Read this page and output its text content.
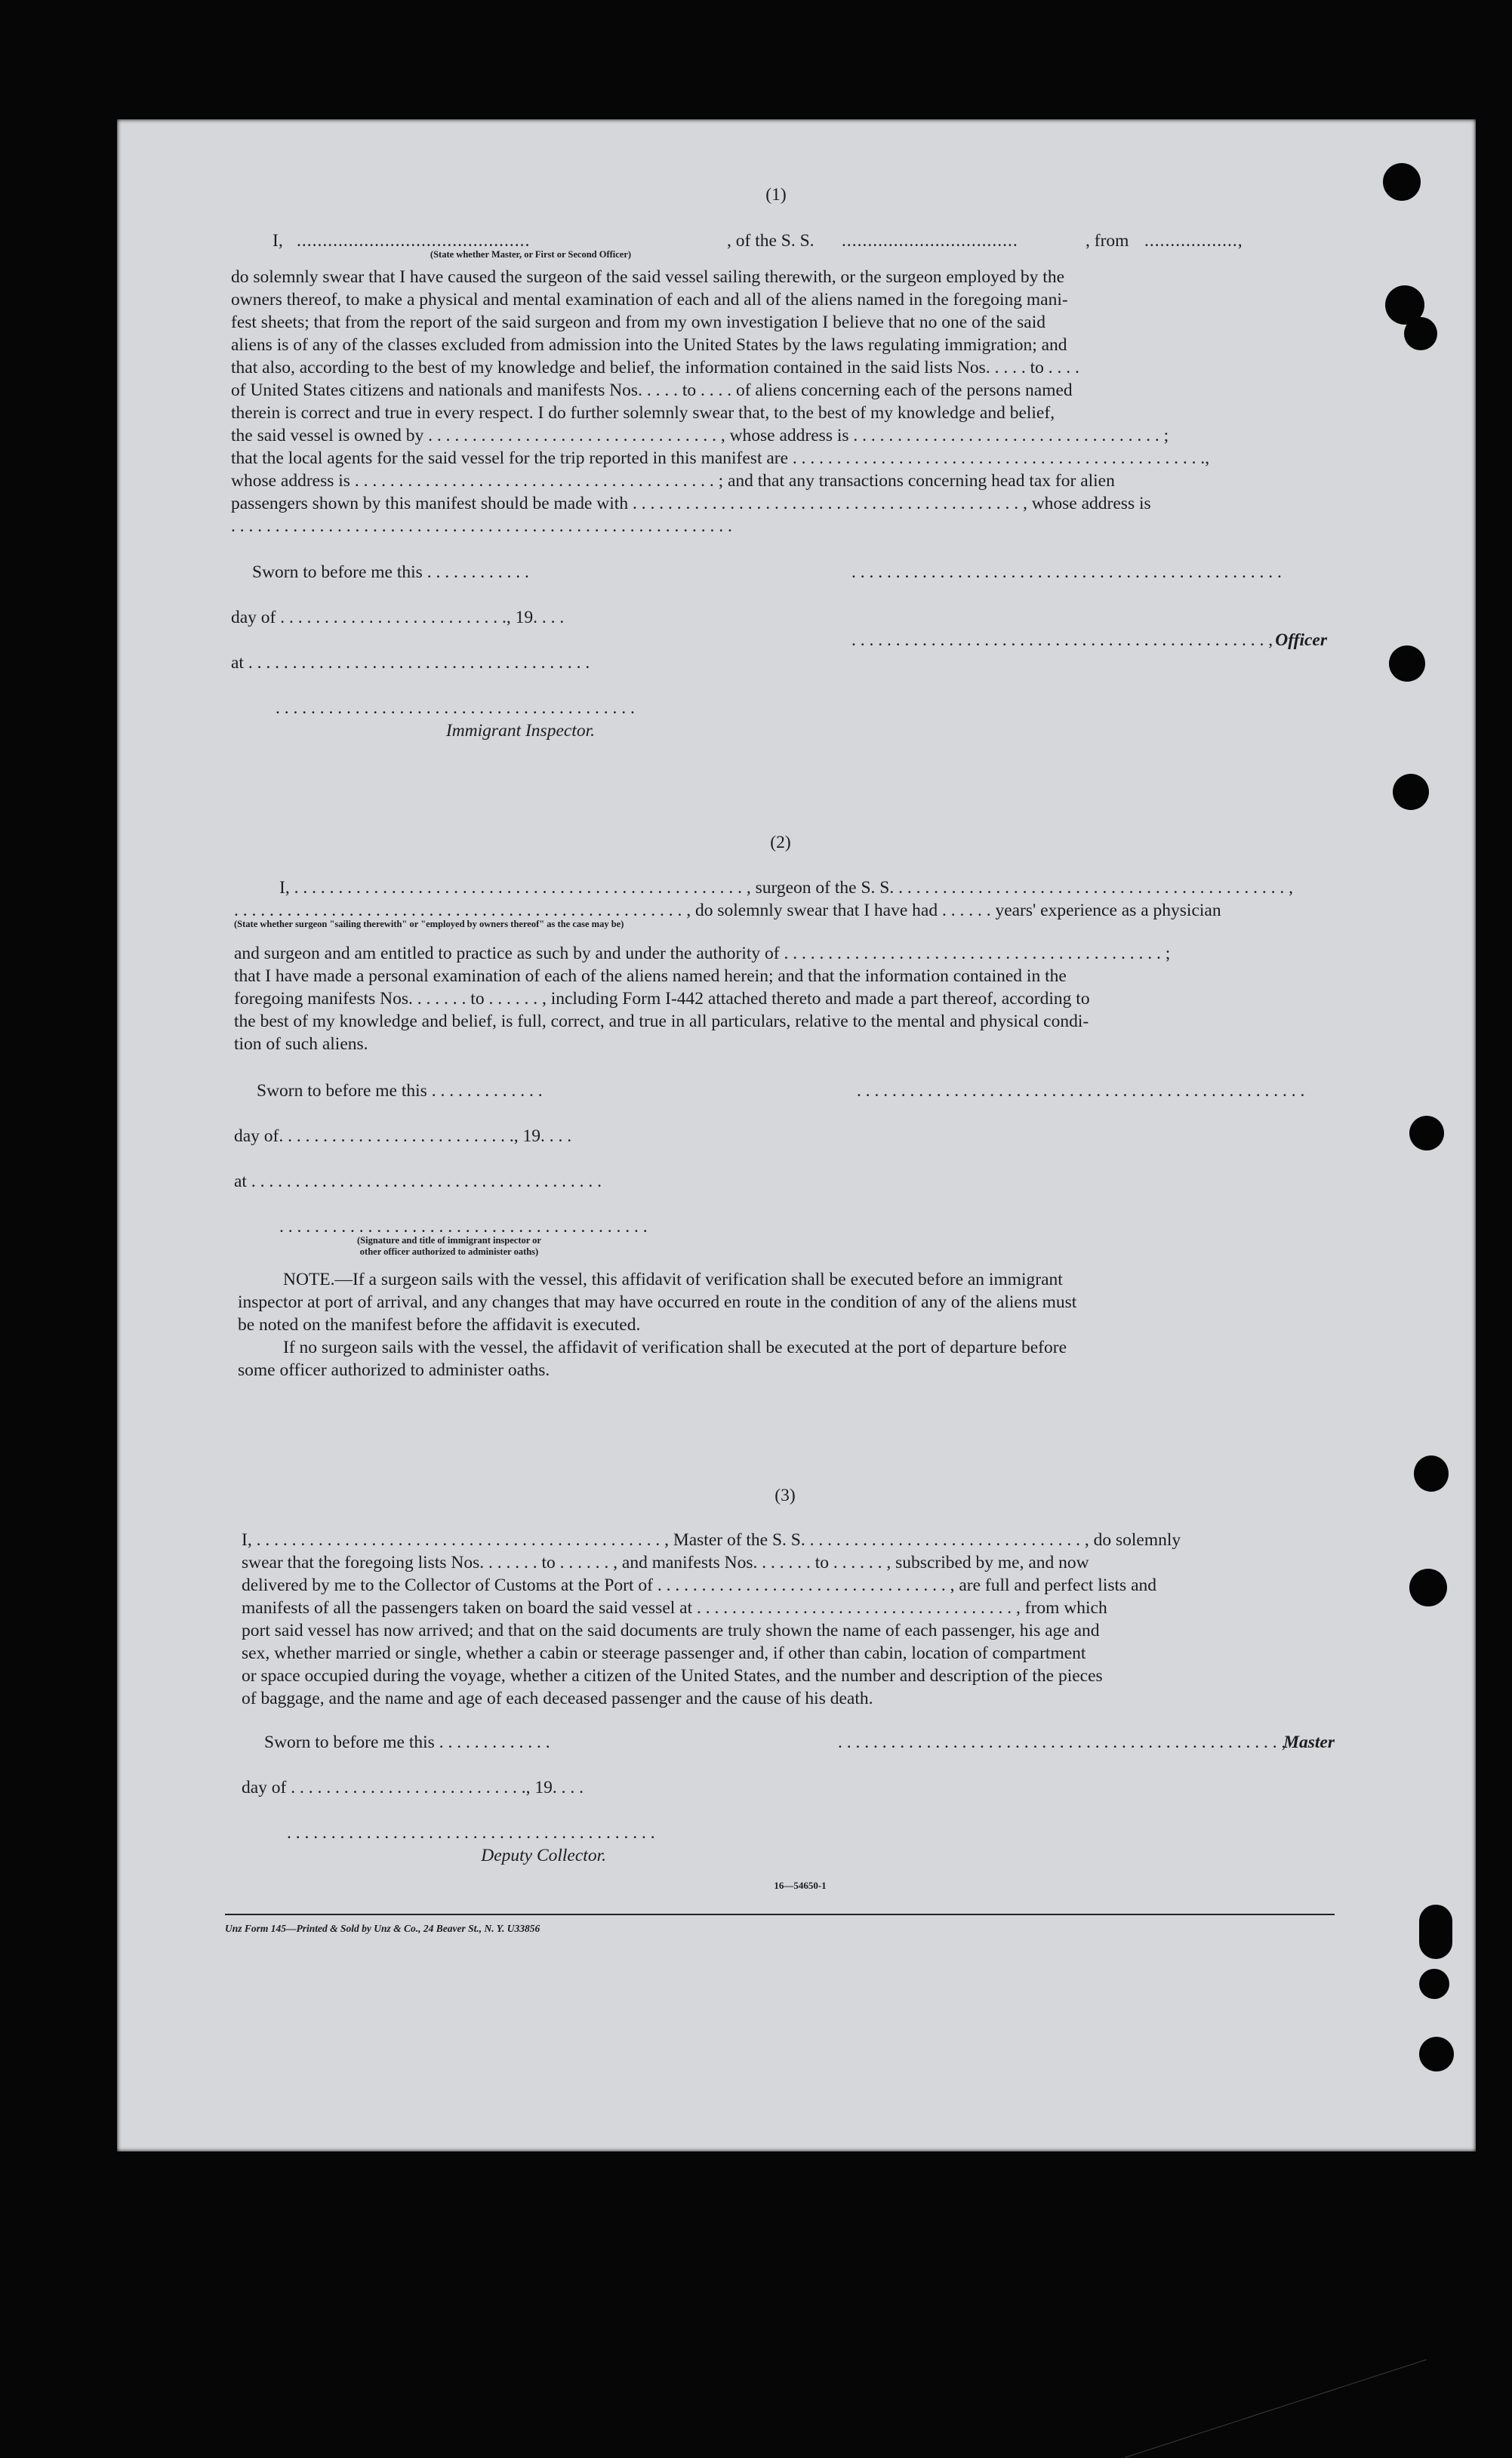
(1)
I, .............................................	, of the S. S. ..................................	, from ..................,
(State whether Master, or First or Second Officer)
do solemnly swear that I have caused the surgeon of the said vessel sailing therewith, or the surgeon employed by the
owners thereof, to make a physical and mental examination of each and all of the aliens named in the foregoing mani-
fest sheets; that from the report of the said surgeon and from my own investigation I believe that no one of the said
aliens is of any of the classes excluded from admission into the United States by the laws regulating immigration; and
that also, according to the best of my knowledge and belief, the information contained in the said lists Nos. . . . . to . . . .
of United States citizens and nationals and manifests Nos. . . . . to . . . . of aliens concerning each of the persons named
therein is correct and true in every respect. I do further solemnly swear that, to the best of my knowledge and belief,
the said vessel is owned by . . . . . . . . . . . . . . . . . . . . . . . . . . . . . . . . . , whose address is . . . . . . . . . . . . . . . . . . . . . . . . . . . . . . . . . . . ;
that the local agents for the said vessel for the trip reported in this manifest are . . . . . . . . . . . . . . . . . . . . . . . . . . . . . . . . . . . . . . . . . . . . . . .,
whose address is . . . . . . . . . . . . . . . . . . . . . . . . . . . . . . . . . . . . . . . . . ; and that any transactions concerning head tax for alien
passengers shown by this manifest should be made with . . . . . . . . . . . . . . . . . . . . . . . . . . . . . . . . . . . . . . . . . . . . , whose address is
. . . . . . . . . . . . . . . . . . . . . . . . . . . . . . . . . . . . . . . . . . . . . . . . . . . . . . . . .
Sworn to before me this . . . . . . . . . . . .	. . . . . . . . . . . . . . . . . . . . . . . . . . . . . . . . . . . . . . . . . . . . . . . . .
day of . . . . . . . . . . . . . . . . . . . . . . . . . ., 19. . . .
. . . . . . . . . . . . . . . . . . . . . . . . . . . . . . . . . . . . . . . . . . . . . . . , Officer
at . . . . . . . . . . . . . . . . . . . . . . . . . . . . . . . . . . . . . . .
. . . . . . . . . . . . . . . . . . . . . . . . . . . . . . . . . . . . . . . . .
Immigrant Inspector.
(2)
I, . . . . . . . . . . . . . . . . . . . . . . . . . . . . . . . . . . . . . . . . . . . . . . . . . . . , surgeon of the S. S. . . . . . . . . . . . . . . . . . . . . . . . . . . . . . . . . . . . . . . . . . . . . ,
. . . . . . . . . . . . . . . . . . . . . . . . . . . . . . . . . . . . . . . . . . . . . . . . . . . , do solemnly swear that I have had . . . . . . years' experience as a physician
(State whether surgeon "sailing therewith" or "employed by owners thereof" as the case may be)
and surgeon and am entitled to practice as such by and under the authority of . . . . . . . . . . . . . . . . . . . . . . . . . . . . . . . . . . . . . . . . . . . ;
that I have made a personal examination of each of the aliens named herein; and that the information contained in the
foregoing manifests Nos. . . . . . . to . . . . . . , including Form I-442 attached thereto and made a part thereof, according to
the best of my knowledge and belief, is full, correct, and true in all particulars, relative to the mental and physical condi-
tion of such aliens.
Sworn to before me this . . . . . . . . . . . . .	. . . . . . . . . . . . . . . . . . . . . . . . . . . . . . . . . . . . . . . . . . . . . . . . . . .
day of. . . . . . . . . . . . . . . . . . . . . . . . . . ., 19. . . .
at . . . . . . . . . . . . . . . . . . . . . . . . . . . . . . . . . . . . . . . .
. . . . . . . . . . . . . . . . . . . . . . . . . . . . . . . . . . . . . . . . . .
(Signature and title of immigrant inspector or
other officer authorized to administer oaths)
NOTE.—If a surgeon sails with the vessel, this affidavit of verification shall be executed before an immigrant
inspector at port of arrival, and any changes that may have occurred en route in the condition of any of the aliens must
be noted on the manifest before the affidavit is executed.
If no surgeon sails with the vessel, the affidavit of verification shall be executed at the port of departure before
some officer authorized to administer oaths.
(3)
I, . . . . . . . . . . . . . . . . . . . . . . . . . . . . . . . . . . . . . . . . . . . . . . , Master of the S. S. . . . . . . . . . . . . . . . . . . . . . . . . . . . . . . . , do solemnly
swear that the foregoing lists Nos. . . . . . . to . . . . . . , and manifests Nos. . . . . . . to . . . . . . , subscribed by me, and now
delivered by me to the Collector of Customs at the Port of . . . . . . . . . . . . . . . . . . . . . . . . . . . . . . . . . , are full and perfect lists and
manifests of all the passengers taken on board the said vessel at . . . . . . . . . . . . . . . . . . . . . . . . . . . . . . . . . . . . , from which
port said vessel has now arrived; and that on the said documents are truly shown the name of each passenger, his age and
sex, whether married or single, whether a cabin or steerage passenger and, if other than cabin, location of compartment
or space occupied during the voyage, whether a citizen of the United States, and the number and description of the pieces
of baggage, and the name and age of each deceased passenger and the cause of his death.
Sworn to before me this . . . . . . . . . . . . .	. . . . . . . . . . . . . . . . . . . . . . . . . . . . . . . . . . . . . . . . . . . . . . . . . . ,
Master
day of . . . . . . . . . . . . . . . . . . . . . . . . . . ., 19. . . .
. . . . . . . . . . . . . . . . . . . . . . . . . . . . . . . . . . . . . . . . . .
Deputy Collector.
16—54650-1
Unz Form 145—Printed & Sold by Unz & Co., 24 Beaver St., N. Y. U33856
